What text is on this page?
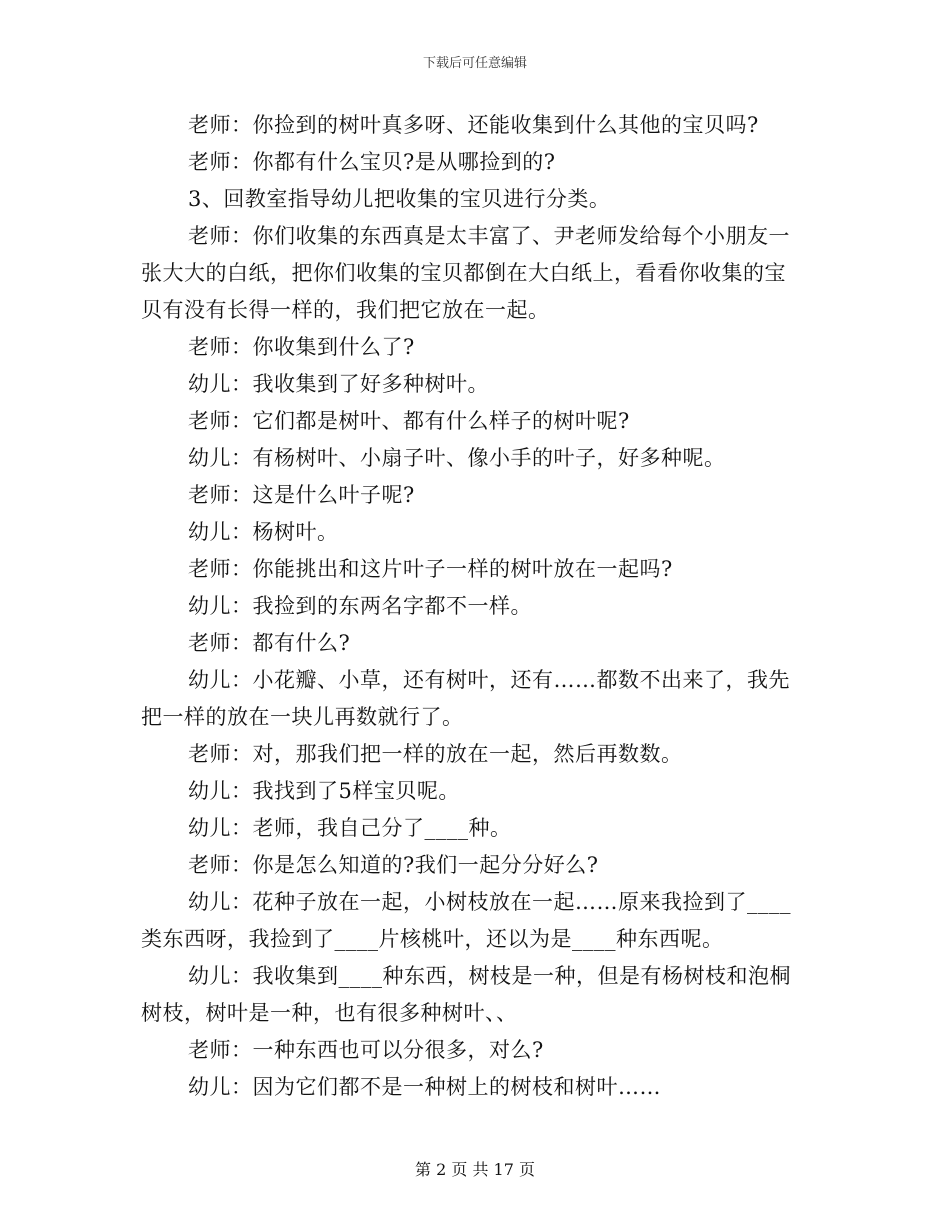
下载后可任意编辑

老师：你捡到的树叶真多呀、还能收集到什么其他的宝贝吗?

老师：你都有什么宝贝?是从哪捡到的?

3、回教室指导幼儿把收集的宝贝进行分类。

老师：你们收集的东西真是太丰富了、尹老师发给每个小朋友一张大大的白纸，把你们收集的宝贝都倒在大白纸上，看看你收集的宝贝有没有长得一样的，我们把它放在一起。

老师：你收集到什么了?

幼儿：我收集到了好多种树叶。

老师：它们都是树叶、都有什么样子的树叶呢?

幼儿：有杨树叶、小扇子叶、像小手的叶子，好多种呢。

老师：这是什么叶子呢?

幼儿：杨树叶。

老师：你能挑出和这片叶子一样的树叶放在一起吗?

幼儿：我捡到的东两名字都不一样。

老师：都有什么?

幼儿：小花瓣、小草，还有树叶，还有……都数不出来了，我先把一样的放在一块儿再数就行了。

老师：对，那我们把一样的放在一起，然后再数数。

幼儿：我找到了5样宝贝呢。

幼儿：老师，我自己分了____种。

老师：你是怎么知道的?我们一起分分好么?

幼儿：花种子放在一起，小树枝放在一起……原来我捡到了____类东西呀，我捡到了____片核桃叶，还以为是____种东西呢。

幼儿：我收集到____种东西，树枝是一种，但是有杨树枝和泡桐树枝，树叶是一种，也有很多种树叶、、

老师：一种东西也可以分很多，对么?

幼儿：因为它们都不是一种树上的树枝和树叶……

第 2 页 共 17 页
